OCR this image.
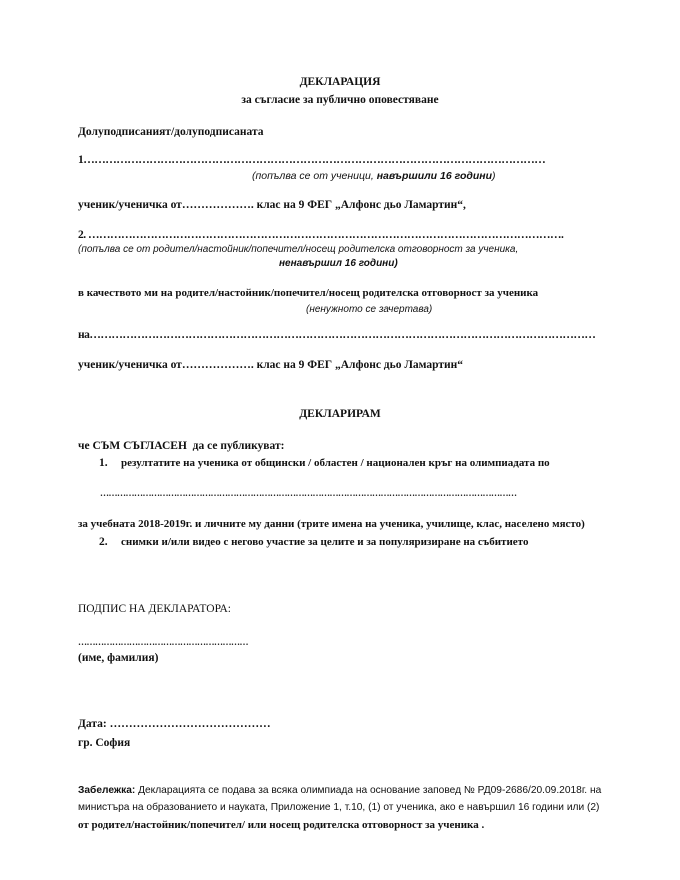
ДЕКЛАРАЦИЯ
за съгласие за публично оповестяване
Долуподписаният/долуподписаната
1………………………………………………………………………………………………………………
(попълва се от ученици, навършили 16 години)
ученик/ученичка от………………. клас на 9 ФЕГ „Алфонс дьо Ламартин“,
2. ………………………………………………………………………………………………………………….
(попълва се от родител/настойник/попечител/носещ родителска отговорност за ученика,
ненавършил 16 години)
в качеството ми на родител/настойник/попечител/носещ родителска отговорност за ученика
(ненужното се зачертава)
на…………………………………………………………………………………………………………………………
ученик/ученичка от………………. клас на 9 ФЕГ „Алфонс дьо Ламартин“
ДЕКЛАРИРАМ
че СЪМ СЪГЛАСЕН  да се публикуват:
1. резултатите на ученика от общински / областен / национален кръг на олимпиадата по
…………………………………………………………………………………………………………………………………
за учебната 2018-2019г. и личните му данни (трите имена на ученика, училище, клас, населено място)
2. снимки и/или видео с негово участие за целите и за популяризиране на събитието
ПОДПИС НА ДЕКЛАРАТОРА:
……………………………………………………
(име, фамилия)
Дата: ……………………………………
гр. София
Забележка: Декларацията се подава за всяка олимпиада на основание заповед № РД09-2686/20.09.2018г. на
министъра на образованието и науката, Приложение 1, т.10, (1) от ученика, ако е навършил 16 години или (2)
от родител/настойник/попечител/ или носещ родителска отговорност за ученика .
